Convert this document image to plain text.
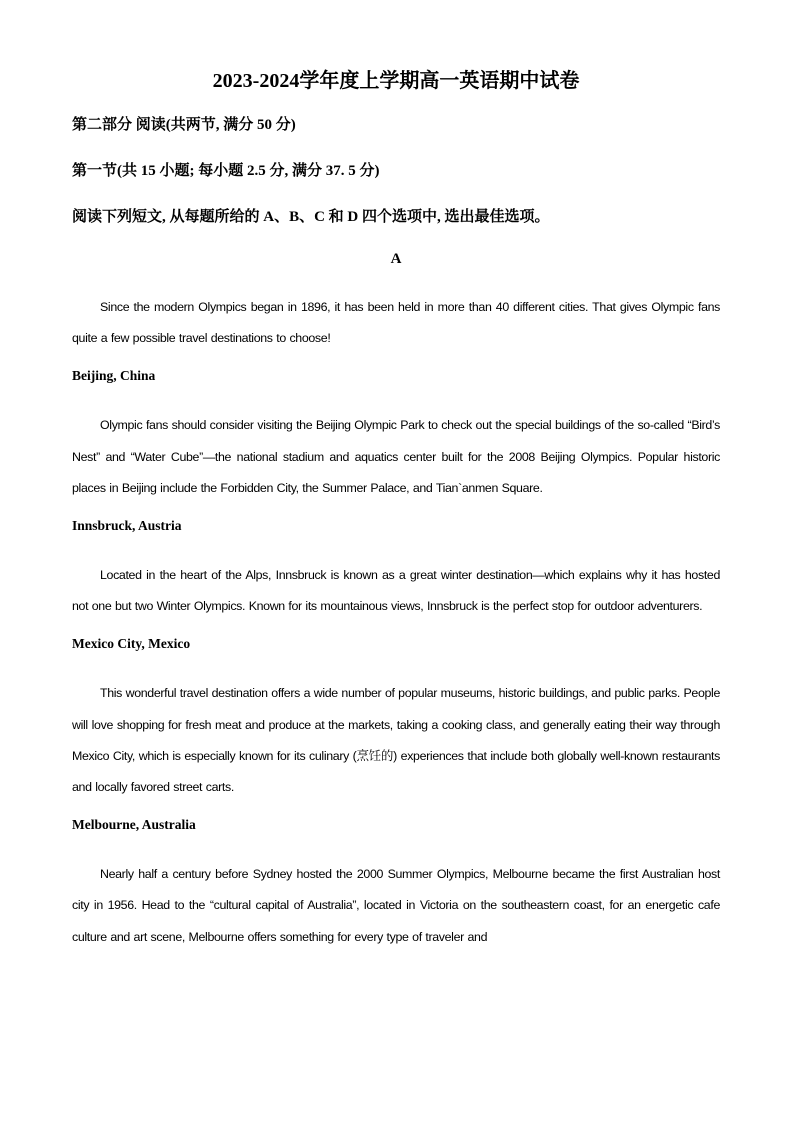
2023-2024学年度上学期高一英语期中试卷
第二部分 阅读(共两节, 满分 50 分)
第一节(共 15 小题; 每小题 2.5 分, 满分 37. 5 分)
阅读下列短文, 从每题所给的 A、B、C 和 D 四个选项中, 选出最佳选项。
A

Since the modern Olympics began in 1896, it has been held in more than 40 different cities. That gives Olympic fans quite a few possible travel destinations to choose!

Beijing, China

Olympic fans should consider visiting the Beijing Olympic Park to check out the special buildings of the so-called “Bird’s Nest” and “Water Cube”—the national stadium and aquatics center built for the 2008 Beijing Olympics. Popular historic places in Beijing include the Forbidden City, the Summer Palace, and Tian`anmen Square.

Innsbruck, Austria

Located in the heart of the Alps, Innsbruck is known as a great winter destination—which explains why it has hosted not one but two Winter Olympics. Known for its mountainous views, Innsbruck is the perfect stop for outdoor adventurers.

Mexico City, Mexico

This wonderful travel destination offers a wide number of popular museums, historic buildings, and public parks. People will love shopping for fresh meat and produce at the markets, taking a cooking class, and generally eating their way through Mexico City, which is especially known for its culinary (烹饪的) experiences that include both globally well-known restaurants and locally favored street carts.

Melbourne, Australia

Nearly half a century before Sydney hosted the 2000 Summer Olympics, Melbourne became the first Australian host city in 1956. Head to the “cultural capital of Australia”, located in Victoria on the southeastern coast, for an energetic cafe culture and art scene, Melbourne offers something for every type of traveler and
